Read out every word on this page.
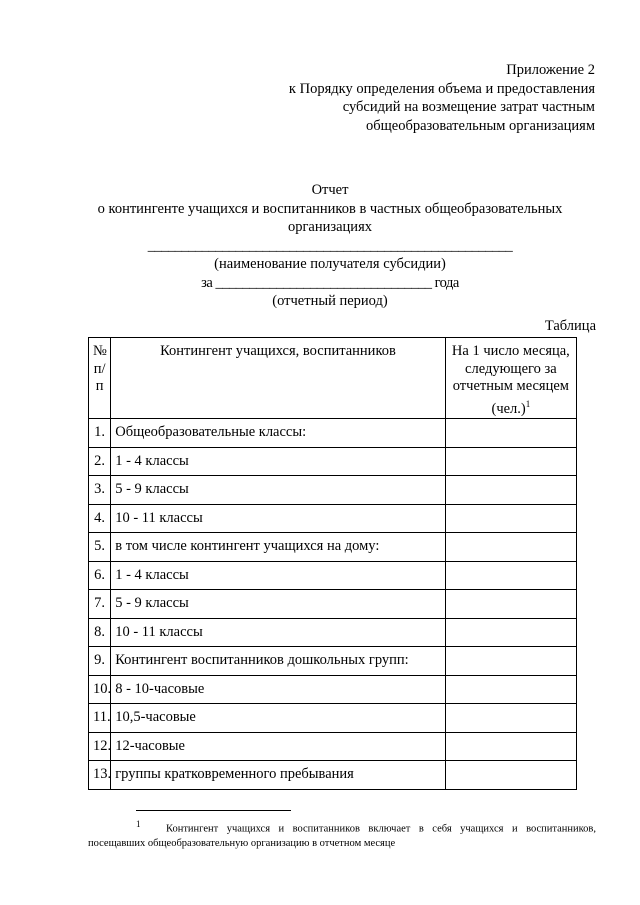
Приложение 2
к Порядку определения объема и предоставления
субсидий на возмещение затрат частным
общеобразовательным организациям
Отчет
о контингенте учащихся и воспитанников в частных общеобразовательных
организациях
______________________________________________________
(наименование получателя субсидии)
за ________________________________ года
(отчетный период)
Таблица
№ п/п	Контингент учащихся, воспитанников	На 1 число месяца, следующего за отчетным месяцем $(чел.)^1$
1.	Общеобразовательные классы:	
2.	1 - 4 классы	
3.	5 - 9 классы	
4.	10 - 11 классы	
5.	в том числе контингент учащихся на дому:	
6.	1 - 4 классы	
7.	5 - 9 классы	
8.	10 - 11 классы	
9.	Контингент воспитанников дошкольных групп:	
10.	8 - 10-часовые	
11.	10,5-часовые	
12.	12-часовые	
13.	группы кратковременного пребывания	
$^1$ Контингент учащихся и воспитанников включает в себя учащихся и воспитанников,
посещавших общеобразовательную организацию в отчетном месяце
